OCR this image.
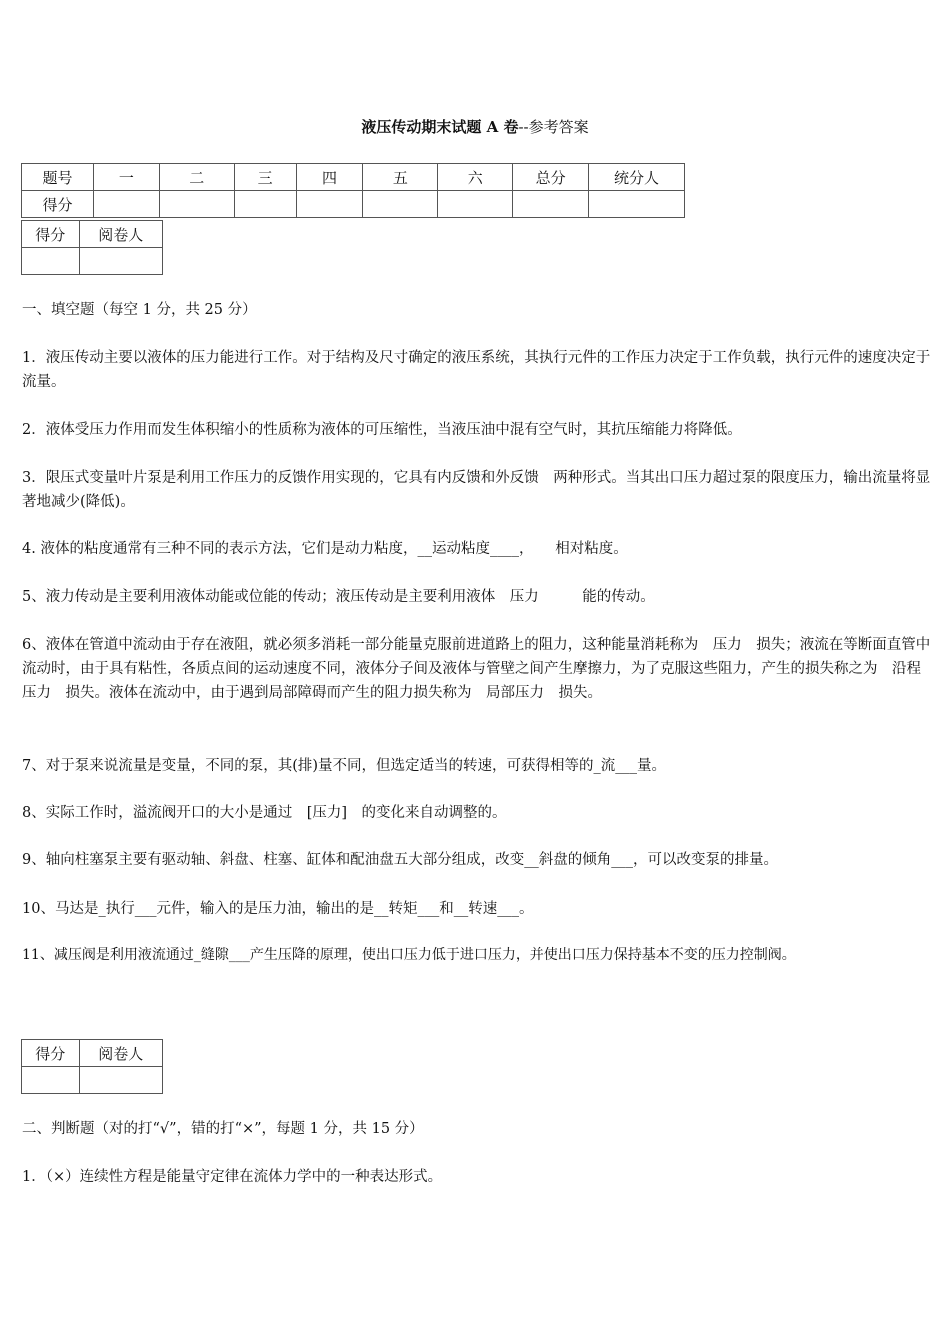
液压传动期末试题 A 卷--参考答案
题号	一	二	三	四	五	六	总分	统分人
得分								
得分	阅卷人

一、填空题（每空 1 分，共 25 分）
1．液压传动主要以液体的压力能进行工作。对于结构及尺寸确定的液压系统，其执行元件的工作压力决定于工作负载，执行元件的速度决定于流量。
2．液体受压力作用而发生体积缩小的性质称为液体的可压缩性，当液压油中混有空气时，其抗压缩能力将降低。
3．限压式变量叶片泵是利用工作压力的反馈作用实现的，它具有内反馈和外反馈　两种形式。当其出口压力超过泵的限度压力，输出流量将显著地减少(降低)。
4. 液体的粘度通常有三种不同的表示方法，它们是动力粘度，__运动粘度____，　　相对粘度。
5、液力传动是主要利用液体动能或位能的传动；液压传动是主要利用液体　压力　　　能的传动。
6、液体在管道中流动由于存在液阻，就必须多消耗一部分能量克服前进道路上的阻力，这种能量消耗称为　压力　损失；液流在等断面直管中流动时，由于具有粘性，各质点间的运动速度不同，液体分子间及液体与管壁之间产生摩擦力，为了克服这些阻力，产生的损失称之为　沿程压力　损失。液体在流动中，由于遇到局部障碍而产生的阻力损失称为　局部压力　损失。
7、对于泵来说流量是变量，不同的泵，其(排)量不同，但选定适当的转速，可获得相等的_流___量。
8、实际工作时，溢流阀开口的大小是通过　[压力]　的变化来自动调整的。
9、轴向柱塞泵主要有驱动轴、斜盘、柱塞、缸体和配油盘五大部分组成，改变__斜盘的倾角___，可以改变泵的排量。
10、马达是_执行___元件，输入的是压力油，输出的是__转矩___和__转速___。
11、减压阀是利用液流通过_缝隙___产生压降的原理，使出口压力低于进口压力，并使出口压力保持基本不变的压力控制阀。
得分	阅卷人

二、判断题（对的打“√”，错的打“×”，每题 1 分，共 15 分）
1．（×）连续性方程是能量守定律在流体力学中的一种表达形式。
